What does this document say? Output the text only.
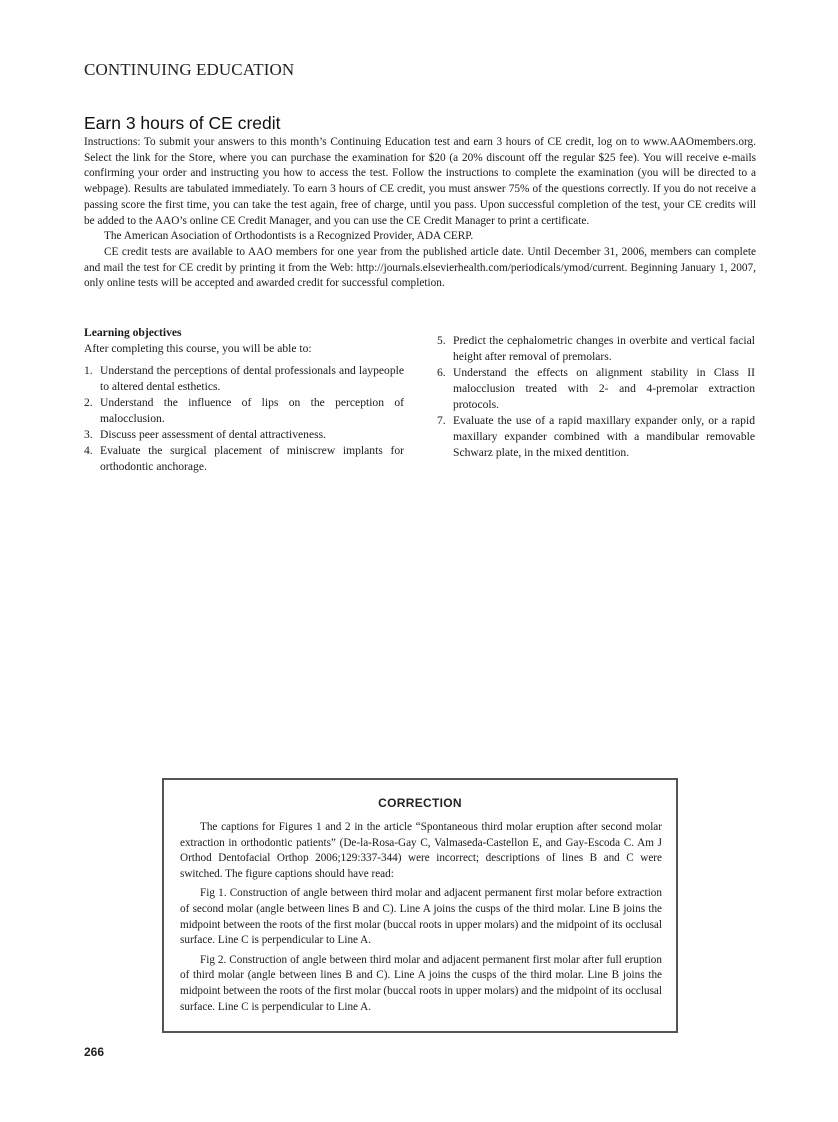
CONTINUING EDUCATION
Earn 3 hours of CE credit

Instructions: To submit your answers to this month’s Continuing Education test and earn 3 hours of CE credit, log on to www.AAOmembers.org. Select the link for the Store, where you can purchase the examination for $20 (a 20% discount off the regular $25 fee). You will receive e-mails confirming your order and instructing you how to access the test. Follow the instructions to complete the examination (you will be directed to a webpage). Results are tabulated immediately. To earn 3 hours of CE credit, you must answer 75% of the questions correctly. If you do not receive a passing score the first time, you can take the test again, free of charge, until you pass. Upon successful completion of the test, your CE credits will be added to the AAO’s online CE Credit Manager, and you can use the CE Credit Manager to print a certificate.

The American Asociation of Orthodontists is a Recognized Provider, ADA CERP.

CE credit tests are available to AAO members for one year from the published article date. Until December 31, 2006, members can complete and mail the test for CE credit by printing it from the Web: http://journals.elsevierhealth.com/periodicals/ymod/current. Beginning January 1, 2007, only online tests will be accepted and awarded credit for successful completion.

Learning objectives

After completing this course, you will be able to:

1. Understand the perceptions of dental professionals and laypeople to altered dental esthetics.
2. Understand the influence of lips on the perception of malocclusion.
3. Discuss peer assessment of dental attractiveness.
4. Evaluate the surgical placement of miniscrew implants for orthodontic anchorage.
5. Predict the cephalometric changes in overbite and vertical facial height after removal of premolars.
6. Understand the effects on alignment stability in Class II malocclusion treated with 2- and 4-premolar extraction protocols.
7. Evaluate the use of a rapid maxillary expander only, or a rapid maxillary expander combined with a mandibular removable Schwarz plate, in the mixed dentition.
CORRECTION

The captions for Figures 1 and 2 in the article “Spontaneous third molar eruption after second molar extraction in orthodontic patients” (De-la-Rosa-Gay C, Valmaseda-Castellon E, and Gay-Escoda C. Am J Orthod Dentofacial Orthop 2006;129:337-344) were incorrect; descriptions of lines B and C were switched. The figure captions should have read:

Fig 1. Construction of angle between third molar and adjacent permanent first molar before extraction of second molar (angle between lines B and C). Line A joins the cusps of the third molar. Line B joins the midpoint between the roots of the first molar (buccal roots in upper molars) and the midpoint of its occlusal surface. Line C is perpendicular to Line A.

Fig 2. Construction of angle between third molar and adjacent permanent first molar after full eruption of third molar (angle between lines B and C). Line A joins the cusps of the third molar. Line B joins the midpoint between the roots of the first molar (buccal roots in upper molars) and the midpoint of its occlusal surface. Line C is perpendicular to Line A.

266
